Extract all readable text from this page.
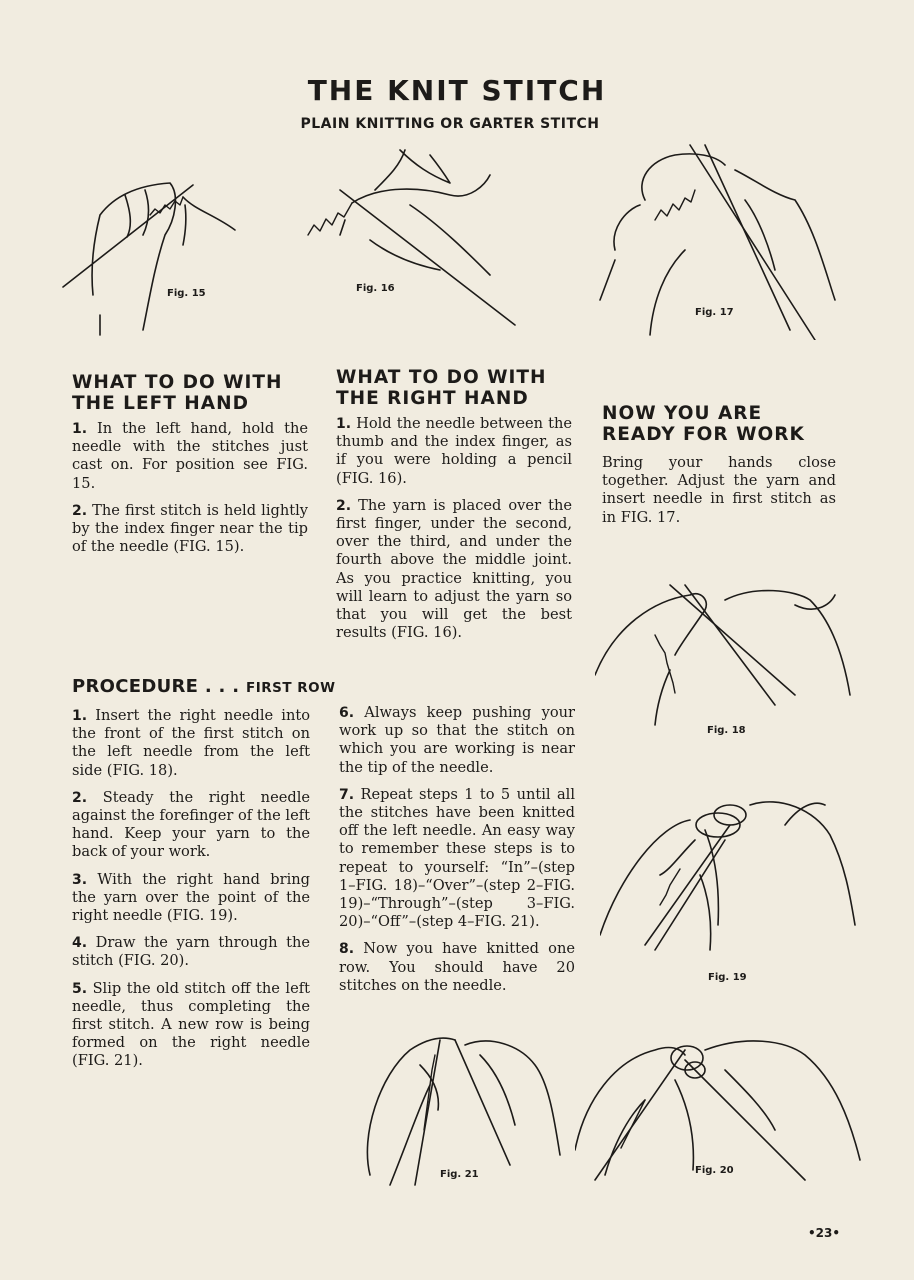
THE KNIT STITCH
PLAIN KNITTING OR GARTER STITCH
Fig. 15	Fig. 16
Fig. 17
WHAT TO DO WITH
THE LEFT HAND

1. In the left hand, hold the needle with the stitches just cast on. For position see FIG. 15.

2. The first stitch is held lightly by the index finger near the tip of the needle (FIG. 15).

WHAT TO DO WITH
THE RIGHT HAND

1. Hold the needle between the thumb and the index finger, as if you were holding a pencil (FIG. 16).

2. The yarn is placed over the first finger, under the second, over the third, and under the fourth above the middle joint. As you practice knitting, you will learn to adjust the yarn so that you will get the best results (FIG. 16).

NOW YOU ARE
READY FOR WORK

Bring your hands close together. Adjust the yarn and insert needle in first stitch as in FIG. 17.

Fig. 18
PROCEDURE . . . FIRST ROW

1. Insert the right needle into the front of the first stitch on the left needle from the left side (FIG. 18).

2. Steady the right needle against the forefinger of the left hand. Keep your yarn to the back of your work.

3. With the right hand bring the yarn over the point of the right needle (FIG. 19).

4. Draw the yarn through the stitch (FIG. 20).

5. Slip the old stitch off the left needle, thus completing the first stitch. A new row is being formed on the right needle (FIG. 21).

6. Always keep pushing your work up so that the stitch on which you are working is near the tip of the needle.

7. Repeat steps 1 to 5 until all the stitches have been knitted off the left needle. An easy way to remember these steps is to repeat to yourself: “In”–(step 1–FIG. 18)–“Over”–(step 2–FIG. 19)–“Through”–(step 3–FIG. 20)–“Off”–(step 4–FIG. 21).

8. Now you have knitted one row. You should have 20 stitches on the needle.	Fig. 19
Fig. 21	Fig. 20
•23•
